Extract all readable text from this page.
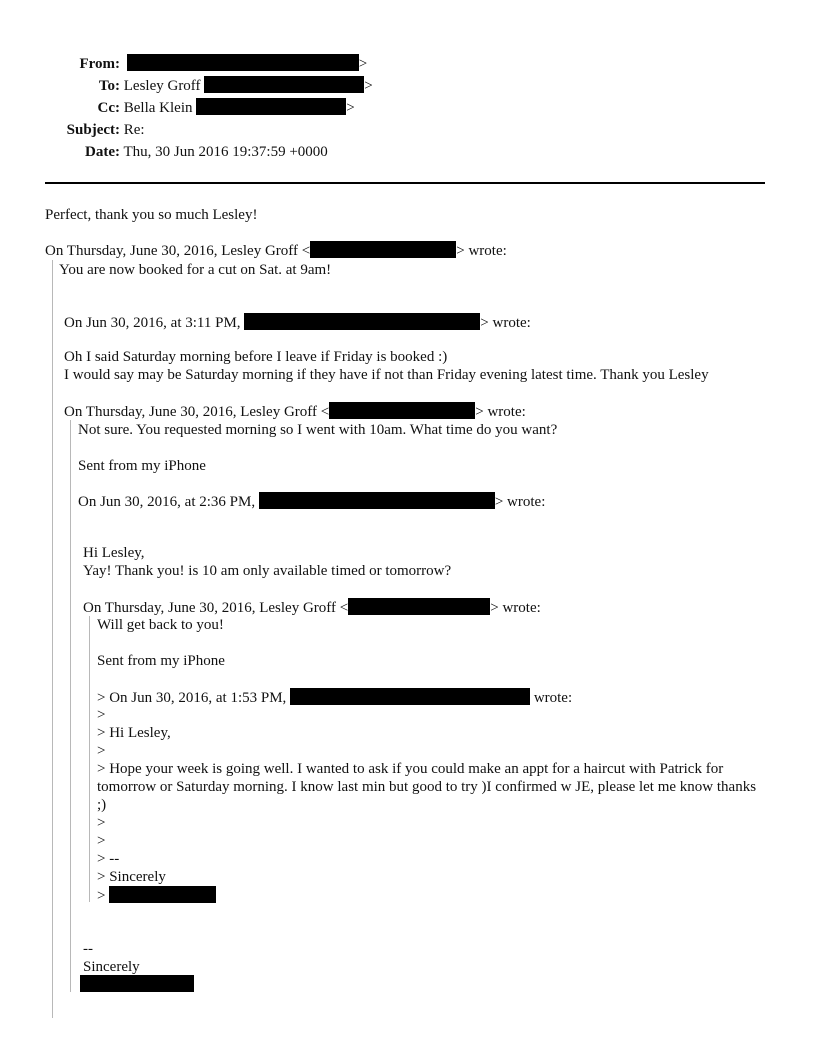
From:	>
To: Lesley Groff	>
Cc: Bella Klein	>
Subject: Re:
Date: Thu, 30 Jun 2016 19:37:59 +0000
Perfect, thank you so much Lesley!
On Thursday, June 30, 2016, Lesley Groff <	> wrote:
You are now booked for a cut on Sat. at 9am!
On Jun 30, 2016, at 3:11 PM,	> wrote:
Oh I said Saturday morning before I leave if Friday is booked :)
I would say may be Saturday morning if they have if not than Friday evening latest time. Thank you Lesley
On Thursday, June 30, 2016, Lesley Groff <	> wrote:
Not sure. You requested morning so I went with 10am. What time do you want?
Sent from my iPhone
On Jun 30, 2016, at 2:36 PM,	> wrote:
Hi Lesley,
Yay! Thank you! is 10 am only available timed or tomorrow?
On Thursday, June 30, 2016, Lesley Groff <	> wrote:
Will get back to you!
Sent from my iPhone
> On Jun 30, 2016, at 1:53 PM,	wrote:
>
> Hi Lesley,
>
> Hope your week is going well. I wanted to ask if you could make an appt for a haircut with Patrick for tomorrow or Saturday morning. I know last min but good to try )I confirmed w JE, please let me know thanks ;)
>
>
> --
> Sincerely
>
--
Sincerely
